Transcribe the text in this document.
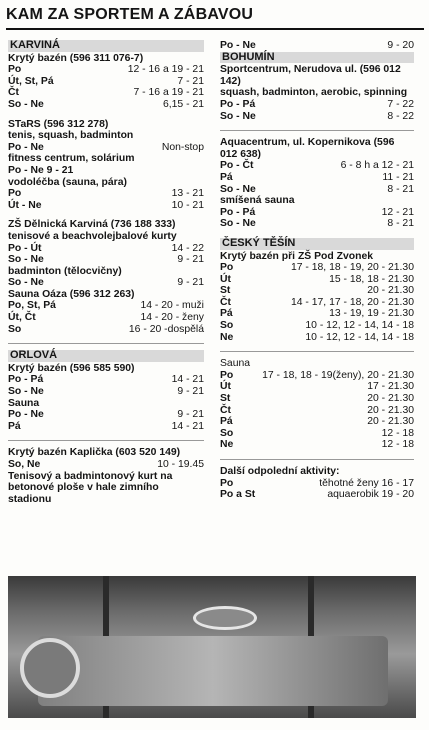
KAM ZA SPORTEM A ZÁBAVOU
KARVINÁ
Krytý bazén (596 311 076-7)
Po	12 - 16 a 19 - 21
Út, St, Pá	7 - 21
Čt	7 - 16 a 19 - 21
So - Ne	6,15 - 21
STaRS (596 312 278)
tenis, squash, badminton
Po - Ne	Non-stop
fitness centrum, solárium
Po - Ne 9 - 21
vodoléčba (sauna, pára)
Po	13 - 21
Út - Ne	10 - 21
ZŠ Dělnická Karviná (736 188 333) tenisové a beachvolejbalové kurty
Po - Út	14 - 22
So - Ne	9 - 21
badminton (tělocvičny)
So - Ne	9 - 21
Sauna Oáza (596 312 263)
Po, St, Pá	14 - 20 - muži
Út, Čt	14 - 20 - ženy
So	16 - 20 -dospělá
ORLOVÁ
Krytý bazén (596 585 590)
Po - Pá	14 - 21
So - Ne	9 - 21
Sauna
Po - Ne	9 - 21
Pá	14 - 21
Krytý bazén Kaplička (603 520 149)
So, Ne	10 - 19.45
Tenisový a badmintonový kurt na betonové ploše v hale zimního stadionu
Po - Ne	9 - 20
BOHUMÍN
Sportcentrum, Nerudova ul. (596 012 142)
squash, badminton, aerobic, spinning
Po - Pá	7 - 22
So - Ne	8 - 22
Aquacentrum, ul. Kopernikova (596 012 638)
Po - Čt	6 - 8 h a 12 - 21
Pá	11 - 21
So - Ne	8 - 21
smíšená sauna
Po - Pá	12 - 21
So - Ne	8 - 21
ČESKÝ TĚŠÍN
Krytý bazén při ZŠ Pod Zvonek
Po	17 - 18, 18 - 19, 20 - 21.30
Út	15 - 18, 18 - 21.30
St	20 - 21.30
Čt	14 - 17, 17 - 18, 20 - 21.30
Pá	13 - 19, 19 - 21.30
So	10 - 12, 12 - 14, 14 - 18
Ne	10 - 12, 12 - 14, 14 - 18
Sauna
Po	17 - 18, 18 - 19(ženy), 20 - 21.30
Út	17 - 21.30
St	20 - 21.30
Čt	20 - 21.30
Pá	20 - 21.30
So	12 - 18
Ne	12 - 18
Další odpolední aktivity:
Po	těhotné ženy 16 - 17
Po a St	aquaerobik 19 - 20
